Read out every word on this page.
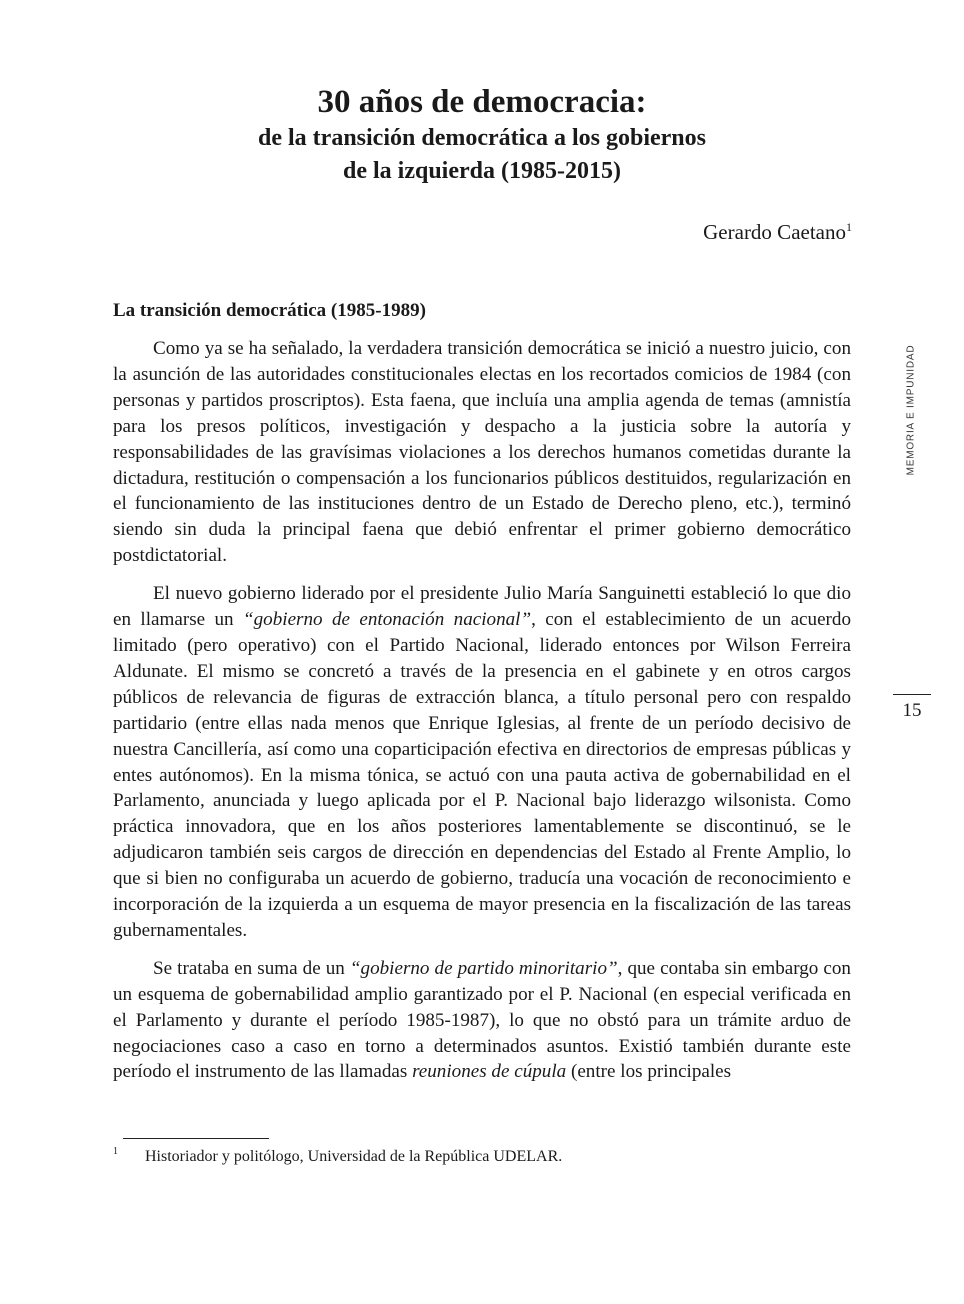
30 años de democracia:
de la transición democrática a los gobiernos
de la izquierda (1985-2015)
Gerardo Caetano$^1$
La transición democrática (1985-1989)

Como ya se ha señalado, la verdadera transición democrática se inició a nuestro juicio, con la asunción de las autoridades constitucionales electas en los recortados comicios de 1984 (con personas y partidos proscriptos). Esta faena, que incluía una amplia agenda de temas (amnistía para los presos políticos, investigación y despacho a la justicia sobre la autoría y responsabilidades de las gravísimas violaciones a los derechos humanos cometidas durante la dictadura, restitución o compensación a los funcionarios públicos destituidos, regularización en el funcionamiento de las instituciones dentro de un Estado de Derecho pleno, etc.), terminó siendo sin duda la principal faena que debió enfrentar el primer gobierno democrático postdictatorial.

El nuevo gobierno liderado por el presidente Julio María Sanguinetti estableció lo que dio en llamarse un “gobierno de entonación nacional”, con el establecimiento de un acuerdo limitado (pero operativo) con el Partido Nacional, liderado entonces por Wilson Ferreira Aldunate. El mismo se concretó a través de la presencia en el gabinete y en otros cargos públicos de relevancia de figuras de extracción blanca, a título personal pero con respaldo partidario (entre ellas nada menos que Enrique Iglesias, al frente de un período decisivo de nuestra Cancillería, así como una coparticipación efectiva en directorios de empresas públicas y entes autónomos). En la misma tónica, se actuó con una pauta activa de gobernabilidad en el Parlamento, anunciada y luego aplicada por el P. Nacional bajo liderazgo wilsonista. Como práctica innovadora, que en los años posteriores lamentablemente se discontinuó, se le adjudicaron también seis cargos de dirección en dependencias del Estado al Frente Amplio, lo que si bien no configuraba un acuerdo de gobierno, traducía una vocación de reconocimiento e incorporación de la izquierda a un esquema de mayor presencia en la fiscalización de las tareas gubernamentales.

Se trataba en suma de un “gobierno de partido minoritario”, que contaba sin embargo con un esquema de gobernabilidad amplio garantizado por el P. Nacional (en especial verificada en el Parlamento y durante el período 1985-1987), lo que no obstó para un trámite arduo de negociaciones caso a caso en torno a determinados asuntos. Existió también durante este período el instrumento de las llamadas reuniones de cúpula (entre los principales

MEMORIA E IMPUNIDAD
15
1 Historiador y politólogo, Universidad de la República UDELAR.
